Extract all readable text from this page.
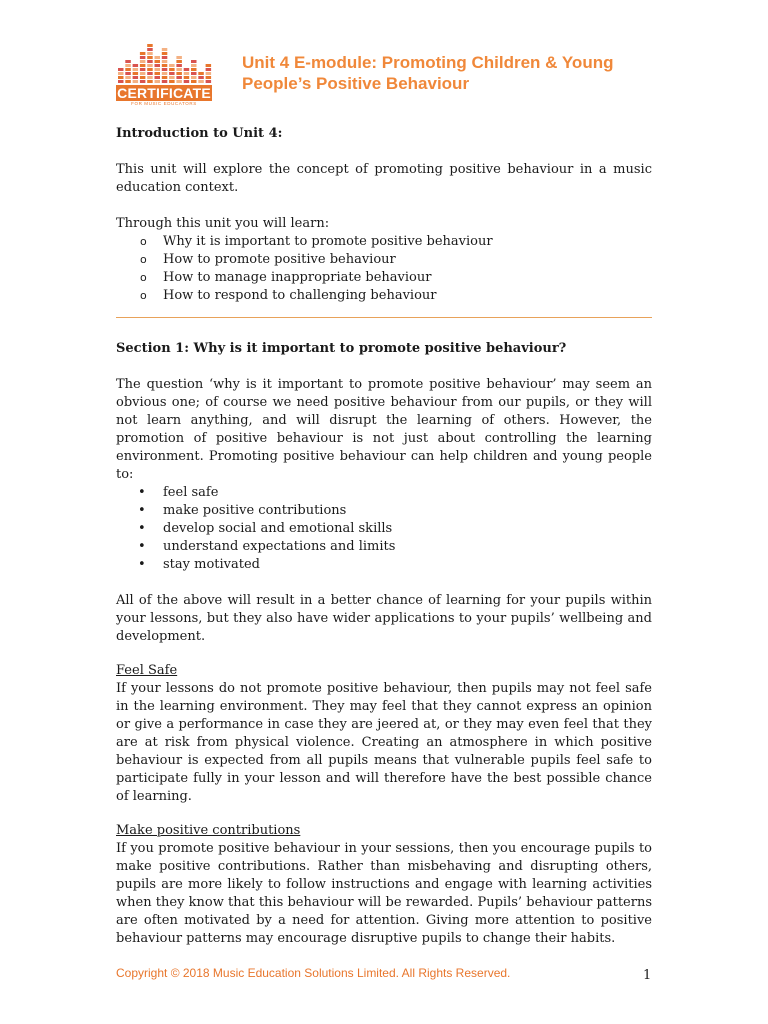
CERTIFICATE
FOR MUSIC EDUCATORS
Unit 4 E-module: Promoting Children & Young People’s Positive Behaviour

Introduction to Unit 4:

This unit will explore the concept of promoting positive behaviour in a music education context.

Through this unit you will learn:

o Why it is important to promote positive behaviour
o How to promote positive behaviour
o How to manage inappropriate behaviour
o How to respond to challenging behaviour

Section 1: Why is it important to promote positive behaviour?

The question ‘why is it important to promote positive behaviour’ may seem an obvious one; of course we need positive behaviour from our pupils, or they will not learn anything, and will disrupt the learning of others. However, the promotion of positive behaviour is not just about controlling the learning environment. Promoting positive behaviour can help children and young people to:

• feel safe
• make positive contributions
• develop social and emotional skills
• understand expectations and limits
• stay motivated

All of the above will result in a better chance of learning for your pupils within your lessons, but they also have wider applications to your pupils’ wellbeing and development.

Feel Safe

If your lessons do not promote positive behaviour, then pupils may not feel safe in the learning environment. They may feel that they cannot express an opinion or give a performance in case they are jeered at, or they may even feel that they are at risk from physical violence. Creating an atmosphere in which positive behaviour is expected from all pupils means that vulnerable pupils feel safe to participate fully in your lesson and will therefore have the best possible chance of learning.

Make positive contributions

If you promote positive behaviour in your sessions, then you encourage pupils to make positive contributions. Rather than misbehaving and disrupting others, pupils are more likely to follow instructions and engage with learning activities when they know that this behaviour will be rewarded. Pupils’ behaviour patterns are often motivated by a need for attention. Giving more attention to positive behaviour patterns may encourage disruptive pupils to change their habits.

Copyright © 2018 Music Education Solutions Limited. All Rights Reserved.	1
